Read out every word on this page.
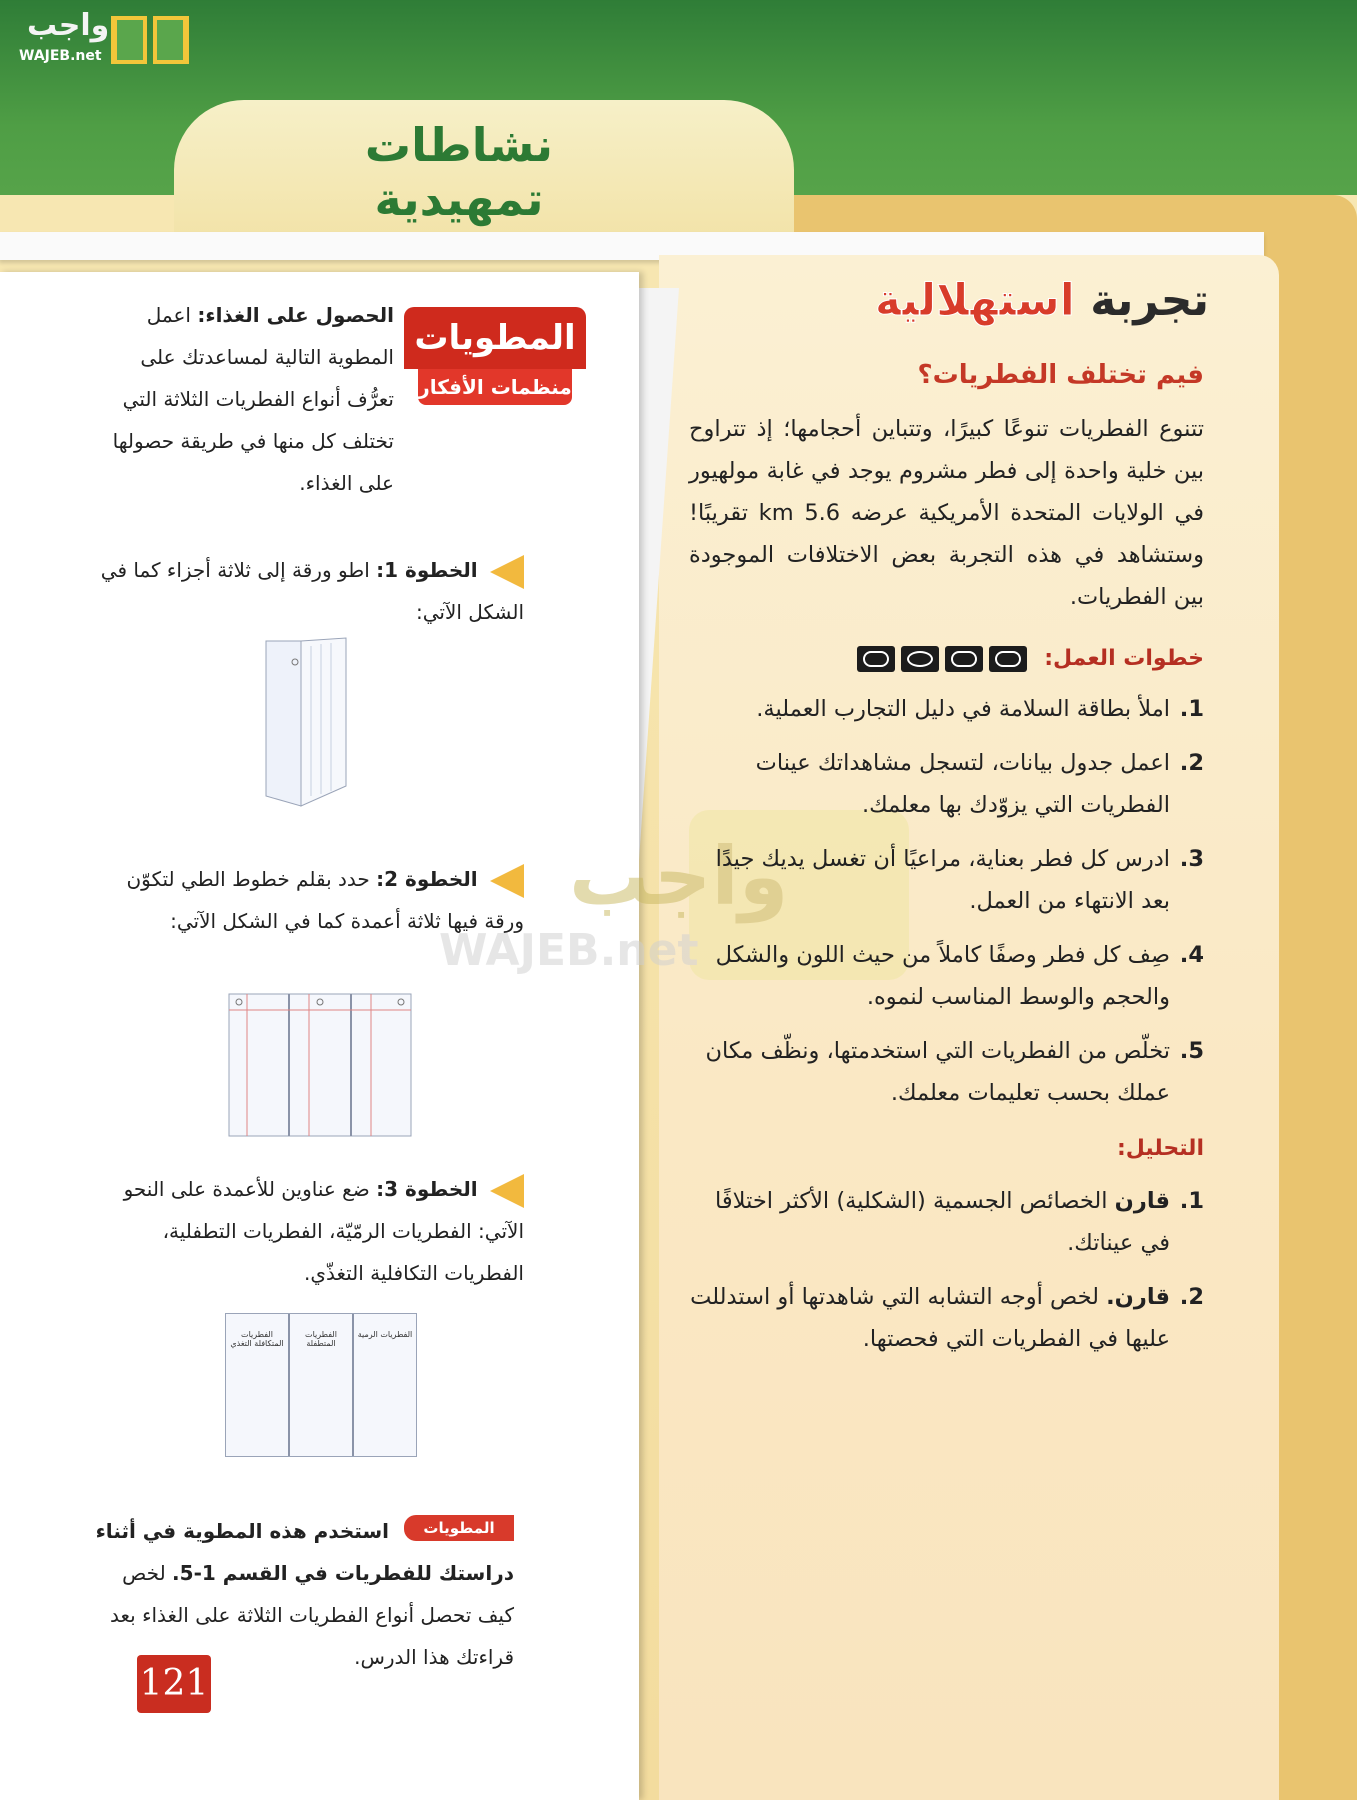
واجب
WAJEB.net
نشاطات تمهيدية
واجب
WAJEB.net
تجربة استهلالية
فيم تختلف الفطريات؟
تتنوع الفطريات تنوعًا كبيرًا، وتتباين أحجامها؛ إذ تتراوح بين خلية واحدة إلى فطر مشروم يوجد في غابة مولهيور في الولايات المتحدة الأمريكية عرضه 5.6 km تقريبًا! وستشاهد في هذه التجربة بعض الاختلافات الموجودة بين الفطريات.
خطوات العمل:
1.
املأ بطاقة السلامة في دليل التجارب العملية.
2.
اعمل جدول بيانات، لتسجل مشاهداتك عينات الفطريات التي يزوّدك بها معلمك.
3.
ادرس كل فطر بعناية، مراعيًا أن تغسل يديك جيدًا بعد الانتهاء من العمل.
4.
صِف كل فطر وصفًا كاملاً من حيث اللون والشكل والحجم والوسط المناسب لنموه.
5.
تخلّص من الفطريات التي استخدمتها، ونظّف مكان عملك بحسب تعليمات معلمك.
التحليل:
1.
قارن الخصائص الجسمية (الشكلية) الأكثر اختلافًا في عيناتك.
2.
قارن. لخص أوجه التشابه التي شاهدتها أو استدللت عليها في الفطريات التي فحصتها.
المطويات
منظمات الأفكار
الحصول على الغذاء: اعمل المطوية التالية لمساعدتك على تعرُّف أنواع الفطريات الثلاثة التي تختلف كل منها في طريقة حصولها على الغذاء.
الخطوة 1: اطو ورقة إلى ثلاثة أجزاء كما في الشكل الآتي:
الخطوة 2: حدد بقلم خطوط الطي لتكوّن ورقة فيها ثلاثة أعمدة كما في الشكل الآتي:
الخطوة 3: ضع عناوين للأعمدة على النحو الآتي: الفطريات الرمّيّة، الفطريات التطفلية، الفطريات التكافلية التغذّي.
الفطريات الرمية
الفطريات المتطفلة
الفطريات المتكافلة التغذي
المطويات
استخدم هذه المطوية في أثناء دراستك للفطريات في القسم 1-5. لخص كيف تحصل أنواع الفطريات الثلاثة على الغذاء بعد قراءتك هذا الدرس.
121
